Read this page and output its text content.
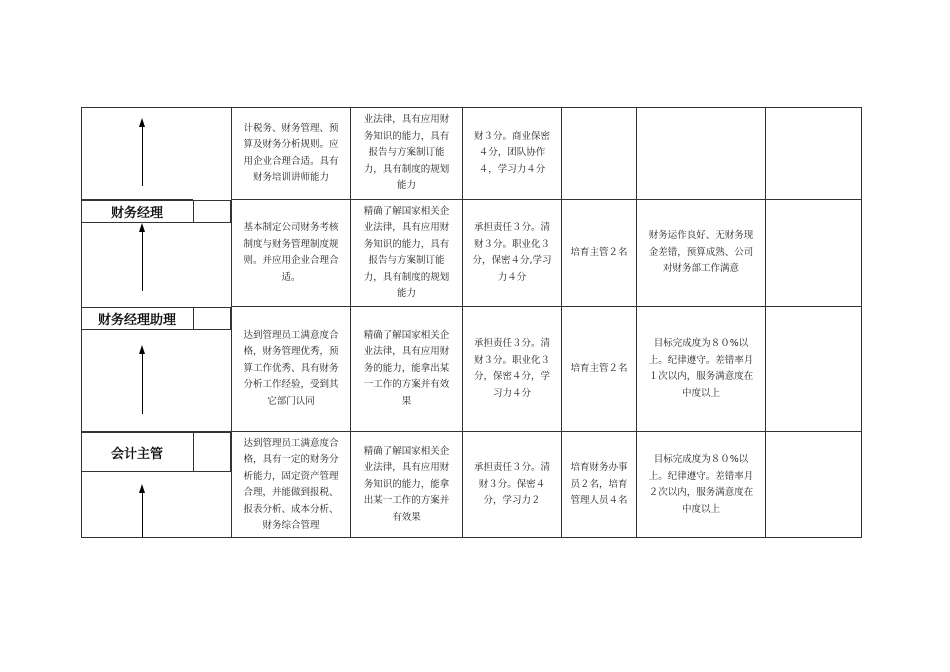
财务经理
财务经理助理
会计主管
计税务、财务管理、预
算及财务分析规则。应
用企业合理合适。具有
财务培训讲师能力
业法律，具有应用财
务知识的能力，具有
报告与方案制订能
力，具有制度的规划
能力
财３分。商业保密
４分，团队协作
４，学习力４分
基本制定公司财务考核
制度与财务管理制度规
则。并应用企业合理合
适。
精确了解国家相关企
业法律，具有应用财
务知识的能力，具有
报告与方案制订能
力，具有制度的规划
能力
承担责任３分。清
财３分。职业化３
分，保密４分,学习
力４分
培育主管２名
财务运作良好、无财务现
金差错，预算成熟、公司
对财务部工作满意
达到管理员工满意度合
格，财务管理优秀，预
算工作优秀、具有财务
分析工作经验，受到其
它部门认同
精确了解国家相关企
业法律，具有应用财
务的能力，能拿出某
一工作的方案并有效
果
承担责任３分。清
财３分。职业化３
分，保密４分，学
习力４分
培育主管２名
目标完成度为８０%以
上。纪律遵守。差错率月
１次以内，服务满意度在
中度以上
达到管理员工满意度合
格，具有一定的财务分
析能力，固定资产管理
合理，并能做到报税、
报表分析、成本分析、
财务综合管理
精确了解国家相关企
业法律，具有应用财
务知识的能力，能拿
出某一工作的方案并
有效果
承担责任３分。清
财３分。保密４
分，学习力２
培育财务办事
员２名，培育
管理人员４名
目标完成度为８０%以
上。纪律遵守。差错率月
２次以内，服务满意度在
中度以上
